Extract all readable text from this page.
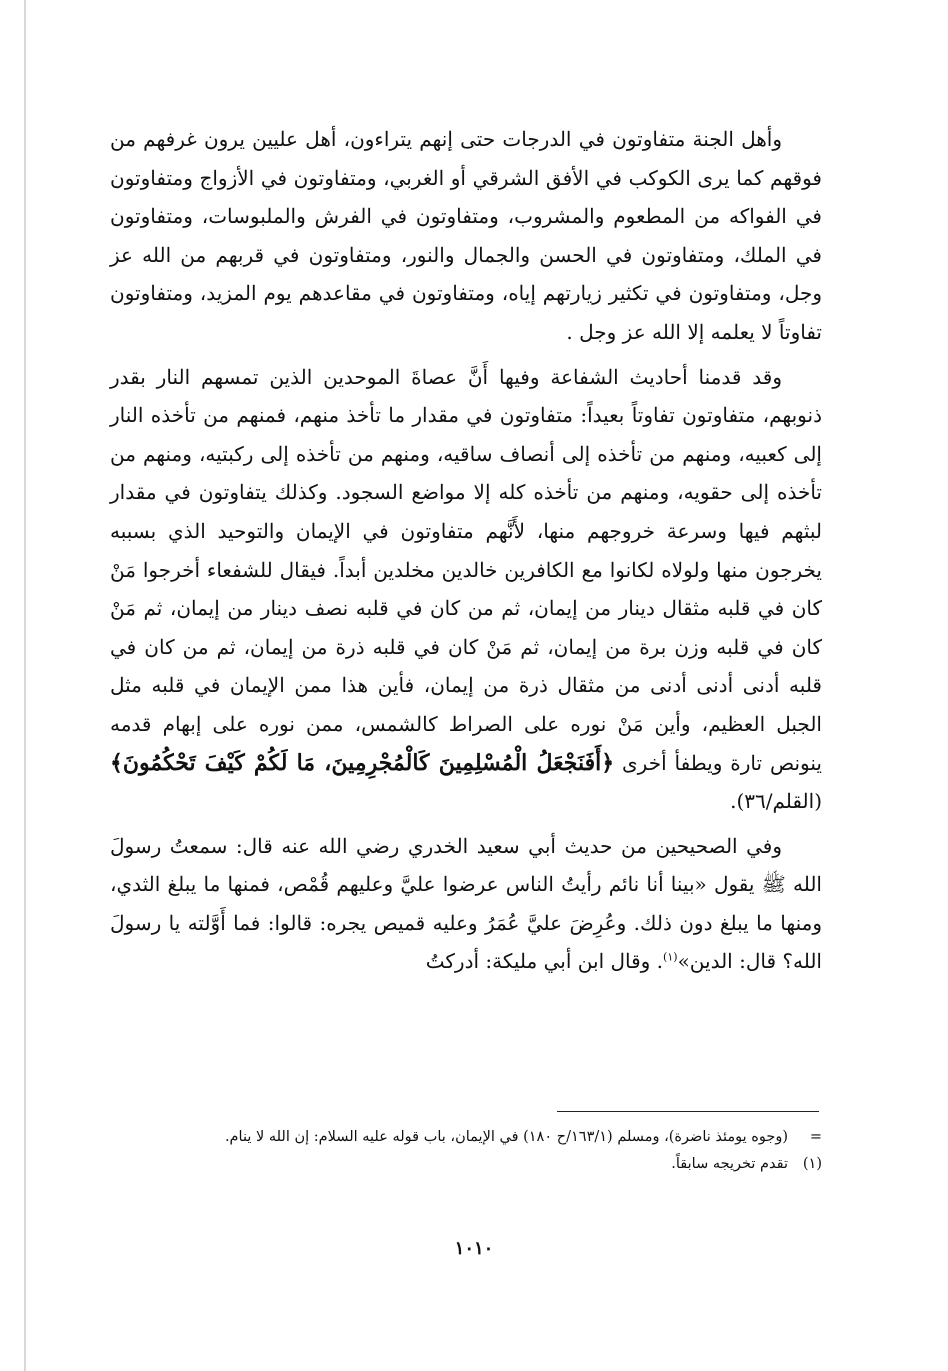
وأهل الجنة متفاوتون في الدرجات حتى إنهم يتراءون، أهل عليين يرون غرفهم من فوقهم كما يرى الكوكب في الأفق الشرقي أو الغربي، ومتفاوتون في الأزواج ومتفاوتون في الفواكه من المطعوم والمشروب، ومتفاوتون في الفرش والملبوسات، ومتفاوتون في الملك، ومتفاوتون في الحسن والجمال والنور، ومتفاوتون في قربهم من الله عز وجل، ومتفاوتون في تكثير زيارتهم إياه، ومتفاوتون في مقاعدهم يوم المزيد، ومتفاوتون تفاوتاً لا يعلمه إلا الله عز وجل .

وقد قدمنا أحاديث الشفاعة وفيها أَنَّ عصاةَ الموحدين الذين تمسهم النار بقدر ذنوبهم، متفاوتون تفاوتاً بعيداً: متفاوتون في مقدار ما تأخذ منهم، فمنهم من تأخذه النار إلى كعبيه، ومنهم من تأخذه إلى أنصاف ساقيه، ومنهم من تأخذه إلى ركبتيه، ومنهم من تأخذه إلى حقويه، ومنهم من تأخذه كله إلا مواضع السجود. وكذلك يتفاوتون في مقدار لبثهم فيها وسرعة خروجهم منها، لأَنَّهم متفاوتون في الإيمان والتوحيد الذي بسببه يخرجون منها ولولاه لكانوا مع الكافرين خالدين مخلدين أبداً. فيقال للشفعاء أخرجوا مَنْ كان في قلبه مثقال دينار من إيمان، ثم من كان في قلبه نصف دينار من إيمان، ثم مَنْ كان في قلبه وزن برة من إيمان، ثم مَنْ كان في قلبه ذرة من إيمان، ثم من كان في قلبه أدنى أدنى أدنى من مثقال ذرة من إيمان، فأين هذا ممن الإيمان في قلبه مثل الجبل العظيم، وأين مَنْ نوره على الصراط كالشمس، ممن نوره على إبهام قدمه ينونص تارة ويطفأ أخرى ﴿أَفَنَجْعَلُ الْمُسْلِمِينَ كَالْمُجْرِمِينَ، مَا لَكُمْ كَيْفَ تَحْكُمُونَ﴾ (القلم/٣٦).

وفي الصحيحين من حديث أبي سعيد الخدري رضي الله عنه قال: سمعتُ رسولَ الله ﷺ يقول «بينا أنا نائم رأيتُ الناس عرضوا عليَّ وعليهم قُمْص، فمنها ما يبلغ الثدي، ومنها ما يبلغ دون ذلك. وعُرِضَ عليَّ عُمَرُ وعليه قميص يجره: قالوا: فما أَوَّلته يا رسولَ الله؟ قال: الدين»$^{(١)}$. وقال ابن أبي مليكة: أدركتُ

=
(وجوه يومئذ ناضرة)، ومسلم (١٦٣/١/ح ١٨٠) في الإيمان، باب قوله عليه السلام: إن الله لا ينام.
(١)
تقدم تخريجه سابقاً.
١٠١٠
